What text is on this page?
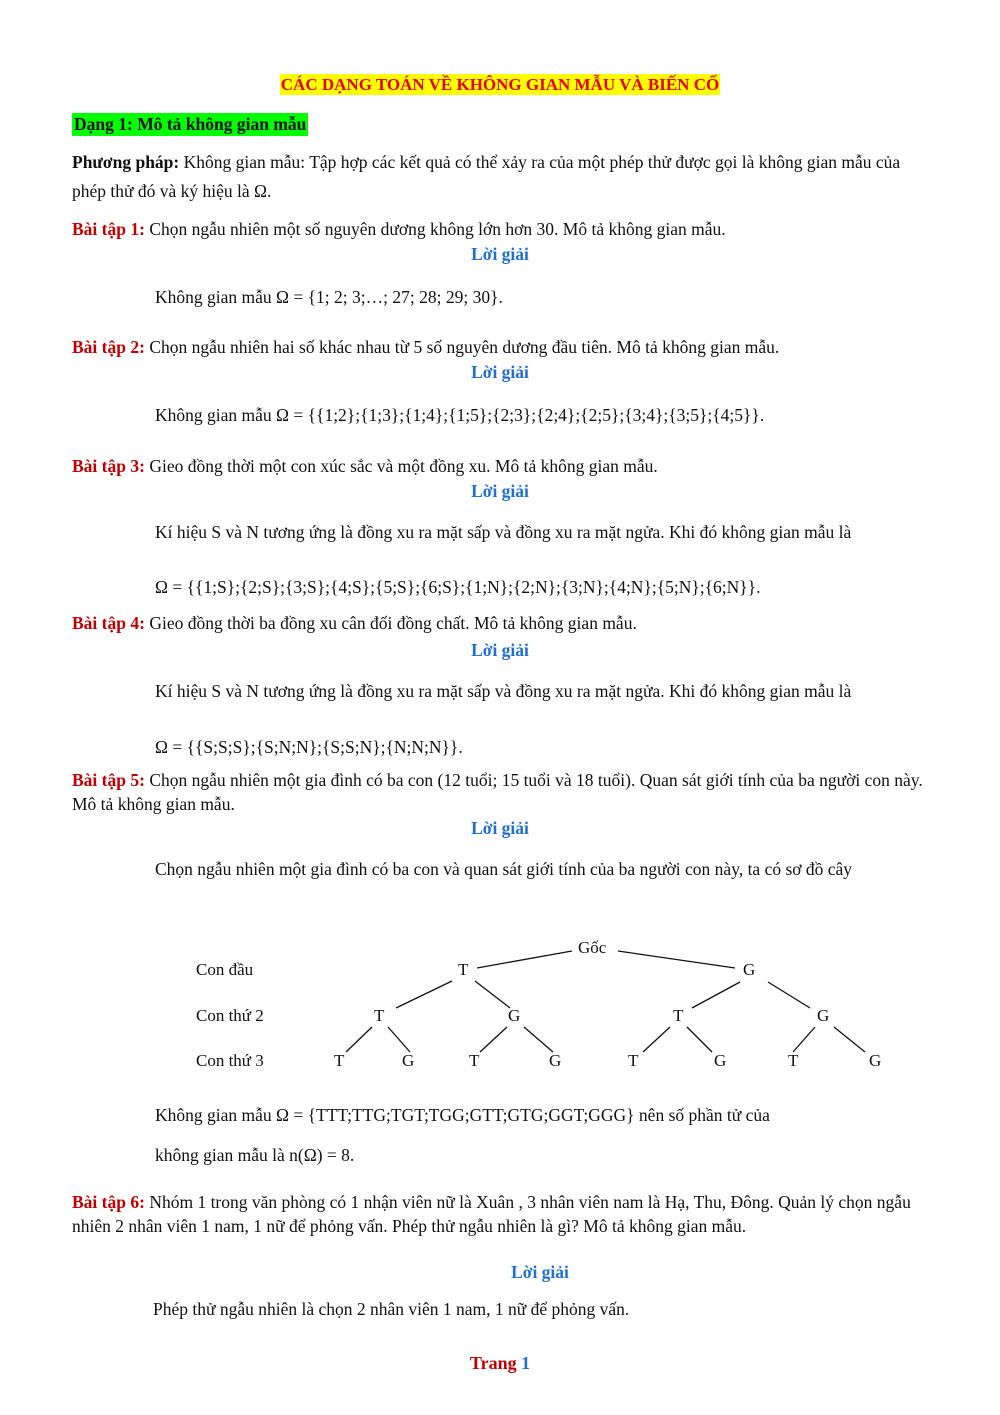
CÁC DẠNG TOÁN VỀ KHÔNG GIAN MẪU VÀ BIẾN CỐ
Dạng 1: Mô tả không gian mẫu
Phương pháp: Không gian mẫu: Tập hợp các kết quả có thể xảy ra của một phép thử được gọi là không gian mẫu của phép thử đó và ký hiệu là Ω.
Bài tập 1: Chọn ngẫu nhiên một số nguyên dương không lớn hơn 30. Mô tả không gian mẫu.
Lời giải
Không gian mẫu Ω = {1; 2; 3;…; 27; 28; 29; 30}.
Bài tập 2: Chọn ngẫu nhiên hai số khác nhau từ 5 số nguyên dương đầu tiên. Mô tả không gian mẫu.
Lời giải
Không gian mẫu Ω = {{1;2};{1;3};{1;4};{1;5};{2;3};{2;4};{2;5};{3;4};{3;5};{4;5}}.
Bài tập 3: Gieo đồng thời một con xúc sắc và một đồng xu. Mô tả không gian mẫu.
Lời giải
Kí hiệu S và N tương ứng là đồng xu ra mặt sấp và đồng xu ra mặt ngửa. Khi đó không gian mẫu là
Ω = {{1;S};{2;S};{3;S};{4;S};{5;S};{6;S};{1;N};{2;N};{3;N};{4;N};{5;N};{6;N}}.
Bài tập 4: Gieo đồng thời ba đồng xu cân đối đồng chất. Mô tả không gian mẫu.
Lời giải
Kí hiệu S và N tương ứng là đồng xu ra mặt sấp và đồng xu ra mặt ngửa. Khi đó không gian mẫu là
Ω = {{S;S;S};{S;N;N};{S;S;N};{N;N;N}}.
Bài tập 5: Chọn ngẫu nhiên một gia đình có ba con (12 tuổi; 15 tuổi và 18 tuổi). Quan sát giới tính của ba người con này. Mô tả không gian mẫu.
Lời giải
Chọn ngẫu nhiên một gia đình có ba con và quan sát giới tính của ba người con này, ta có sơ đồ cây
Con đầu
Con thứ 2
Con thứ 3
Gốc
T	G
T	G	T	G
T	G	T	G	T	G	T	G
Không gian mẫu Ω = {TTT;TTG;TGT;TGG;GTT;GTG;GGT;GGG} nên số phần tử của
không gian mẫu là n(Ω) = 8.
Bài tập 6: Nhóm 1 trong văn phòng có 1 nhận viên nữ là Xuân , 3 nhân viên nam là Hạ, Thu, Đông. Quản lý chọn ngẫu nhiên 2 nhân viên 1 nam, 1 nữ để phỏng vấn. Phép thử ngẫu nhiên là gì? Mô tả không gian mẫu.
Lời giải
Phép thử ngẫu nhiên là chọn 2 nhân viên 1 nam, 1 nữ để phỏng vấn.
Trang 1
